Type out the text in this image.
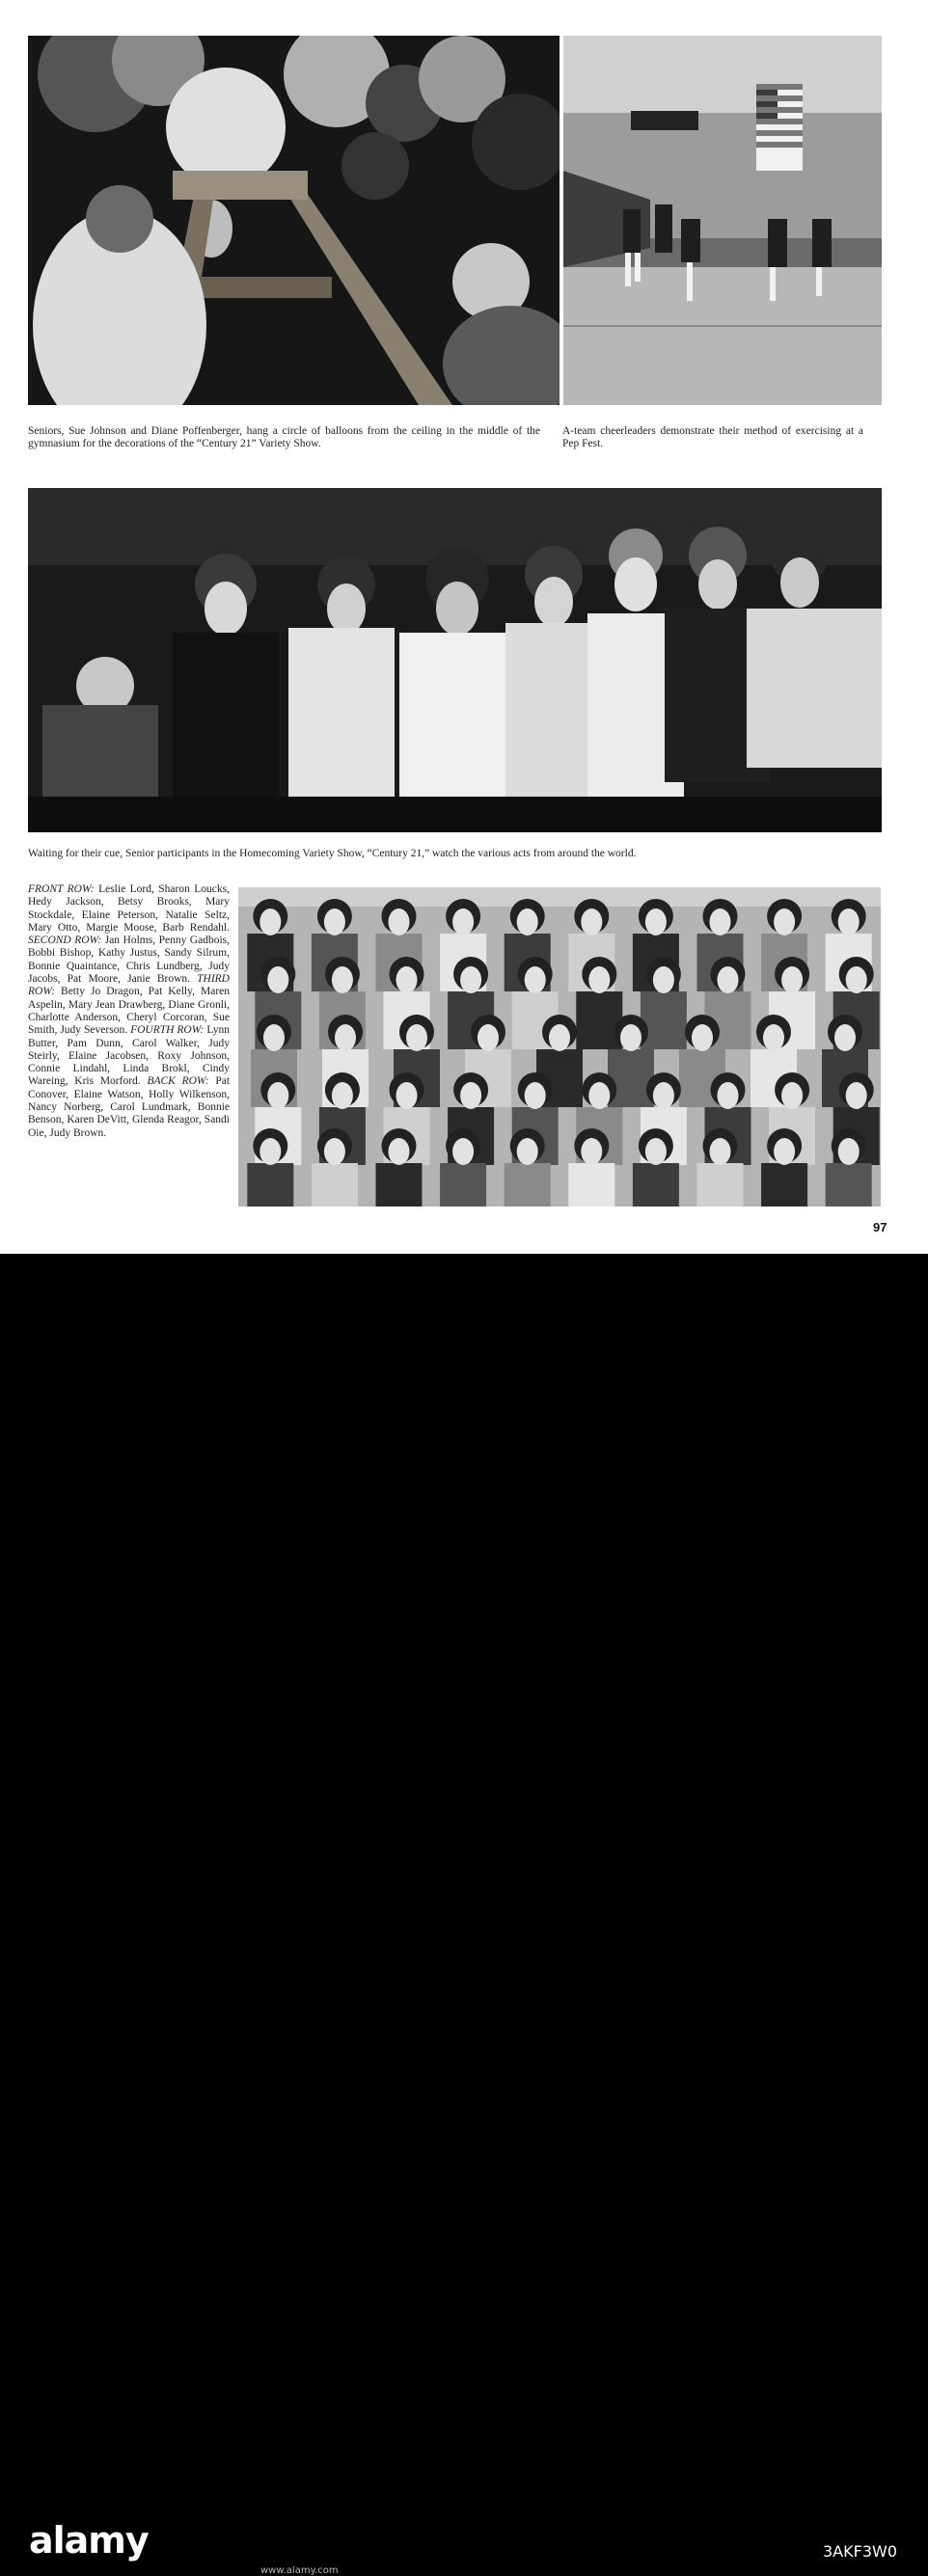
Seniors, Sue Johnson and Diane Poffenberger, hang a circle of balloons from the ceiling in the middle of the gymnasium for the decorations of the “Century 21” Variety Show.
A-team cheerleaders demonstrate their method of exercising at a Pep Fest.
Waiting for their cue, Senior participants in the Homecoming Variety Show, “Century 21,” watch the various acts from around the world.
FRONT ROW: Leslie Lord, Sharon Loucks, Hedy Jackson, Betsy Brooks, Mary Stockdale, Elaine Peterson, Natalie Seltz, Mary Otto, Margie Moose, Barb Rendahl. SECOND ROW: Jan Holms, Penny Gadbois, Bobbi Bishop, Kathy Justus, Sandy Silrum, Bonnie Quaintance, Chris Lundberg, Judy Jacobs, Pat Moore, Janie Brown. THIRD ROW: Betty Jo Dragon, Pat Kelly, Maren Aspelin, Mary Jean Drawberg, Diane Gronli, Charlotte Anderson, Cheryl Corcoran, Sue Smith, Judy Severson. FOURTH ROW: Lynn Butter, Pam Dunn, Carol Walker, Judy Steirly, Elaine Jacobsen, Roxy Johnson, Connie Lindahl, Linda Brokl, Cindy Wareing, Kris Morford. BACK ROW: Pat Conover, Elaine Watson, Holly Wilkenson, Nancy Norberg, Carol Lundmark, Bonnie Benson, Karen DeVitt, Glenda Reagor, Sandi Oie, Judy Brown.
97
alamy	3AKF3W0
www.alamy.com
